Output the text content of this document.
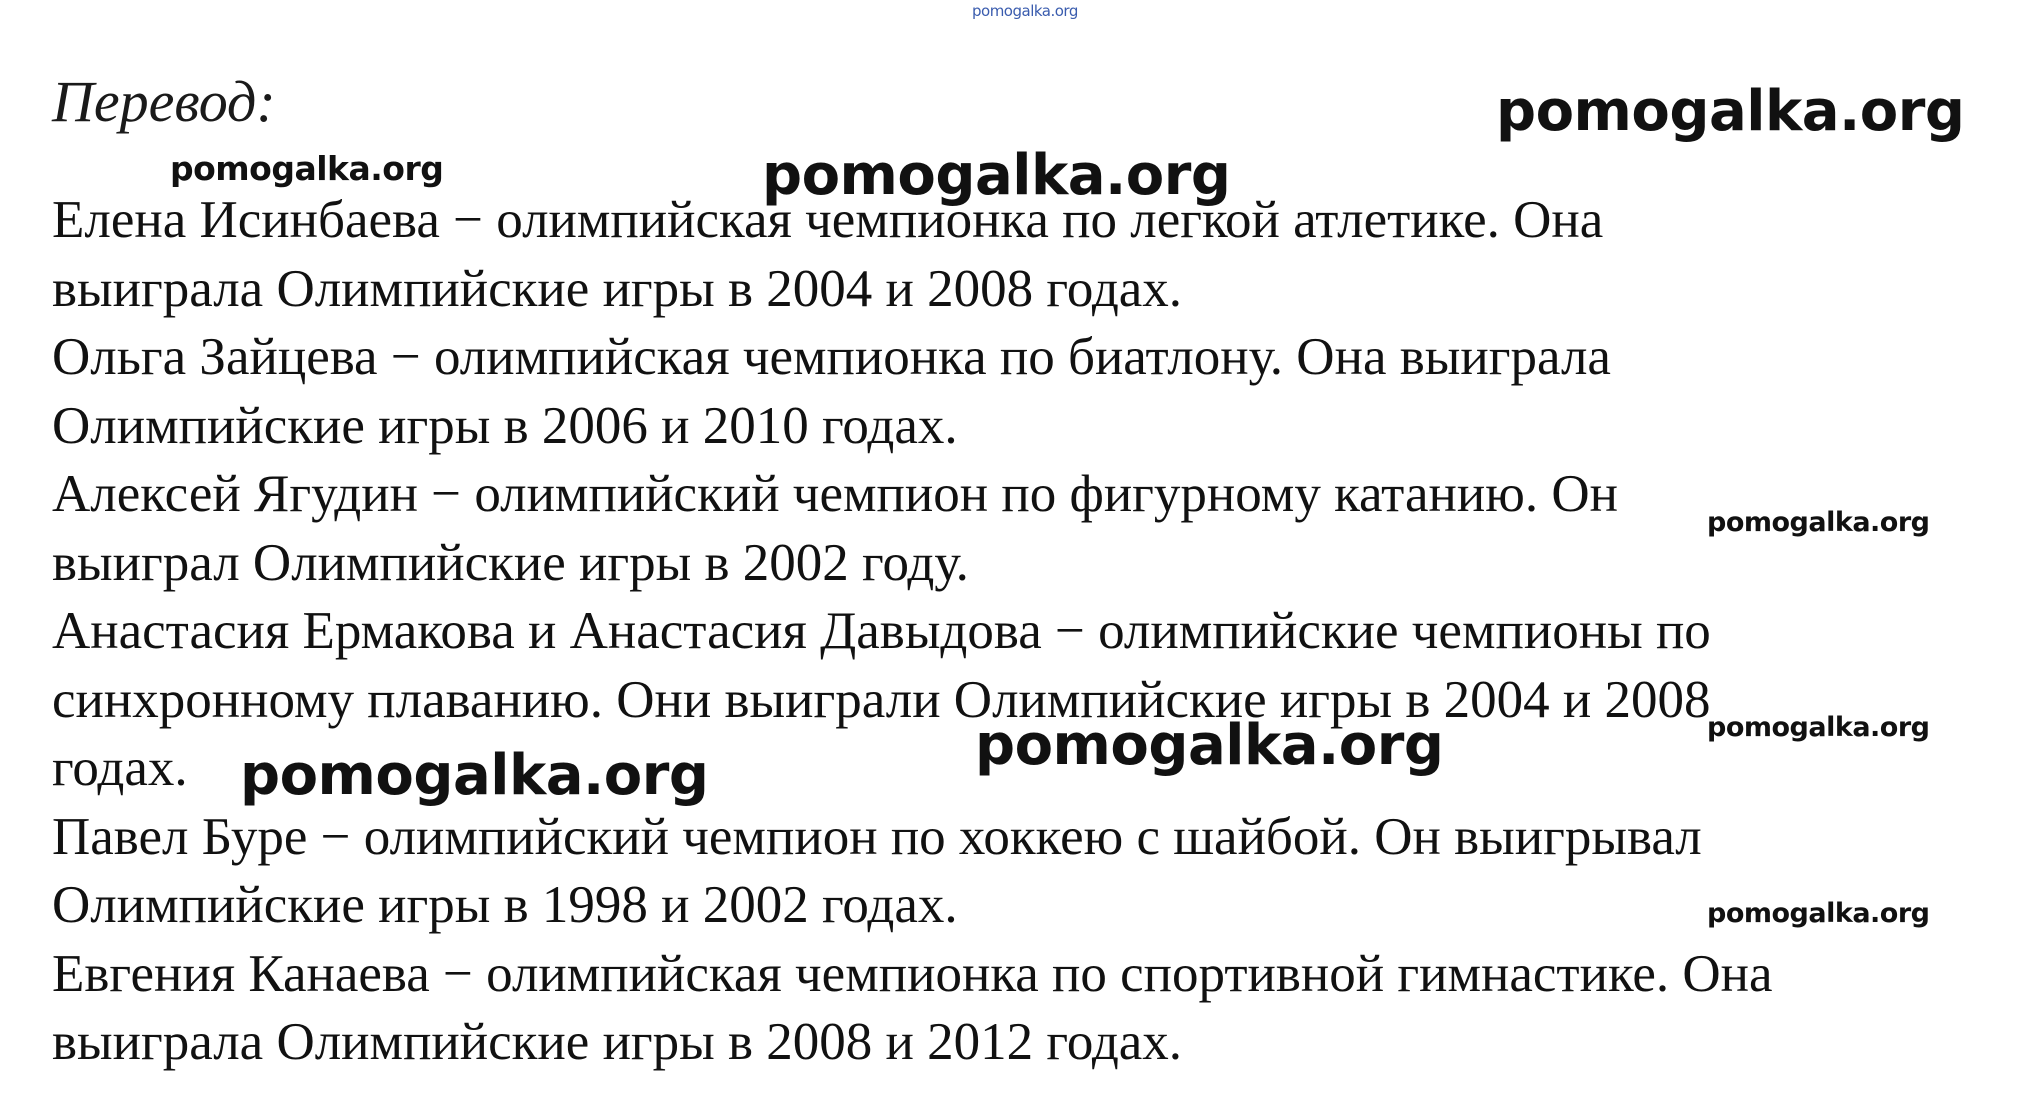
pomogalka.org
Перевод:
Елена Исинбаева − олимпийская чемпионка по легкой атлетике. Она
выиграла Олимпийские игры в 2004 и 2008 годах.
Ольга Зайцева − олимпийская чемпионка по биатлону. Она выиграла
Олимпийские игры в 2006 и 2010 годах.
Алексей Ягудин − олимпийский чемпион по фигурному катанию. Он
выиграл Олимпийские игры в 2002 году.
Анастасия Ермакова и Анастасия Давыдова − олимпийские чемпионы по
синхронному плаванию. Они выиграли Олимпийские игры в 2004 и 2008
годах.
Павел Буре − олимпийский чемпион по хоккею с шайбой. Он выигрывал
Олимпийские игры в 1998 и 2002 годах.
Евгения Канаева − олимпийская чемпионка по спортивной гимнастике. Она
выиграла Олимпийские игры в 2008 и 2012 годах.
pomogalka.org
pomogalka.org	pomogalka.org
pomogalka.org
pomogalka.org
pomogalka.org
pomogalka.org
pomogalka.org
